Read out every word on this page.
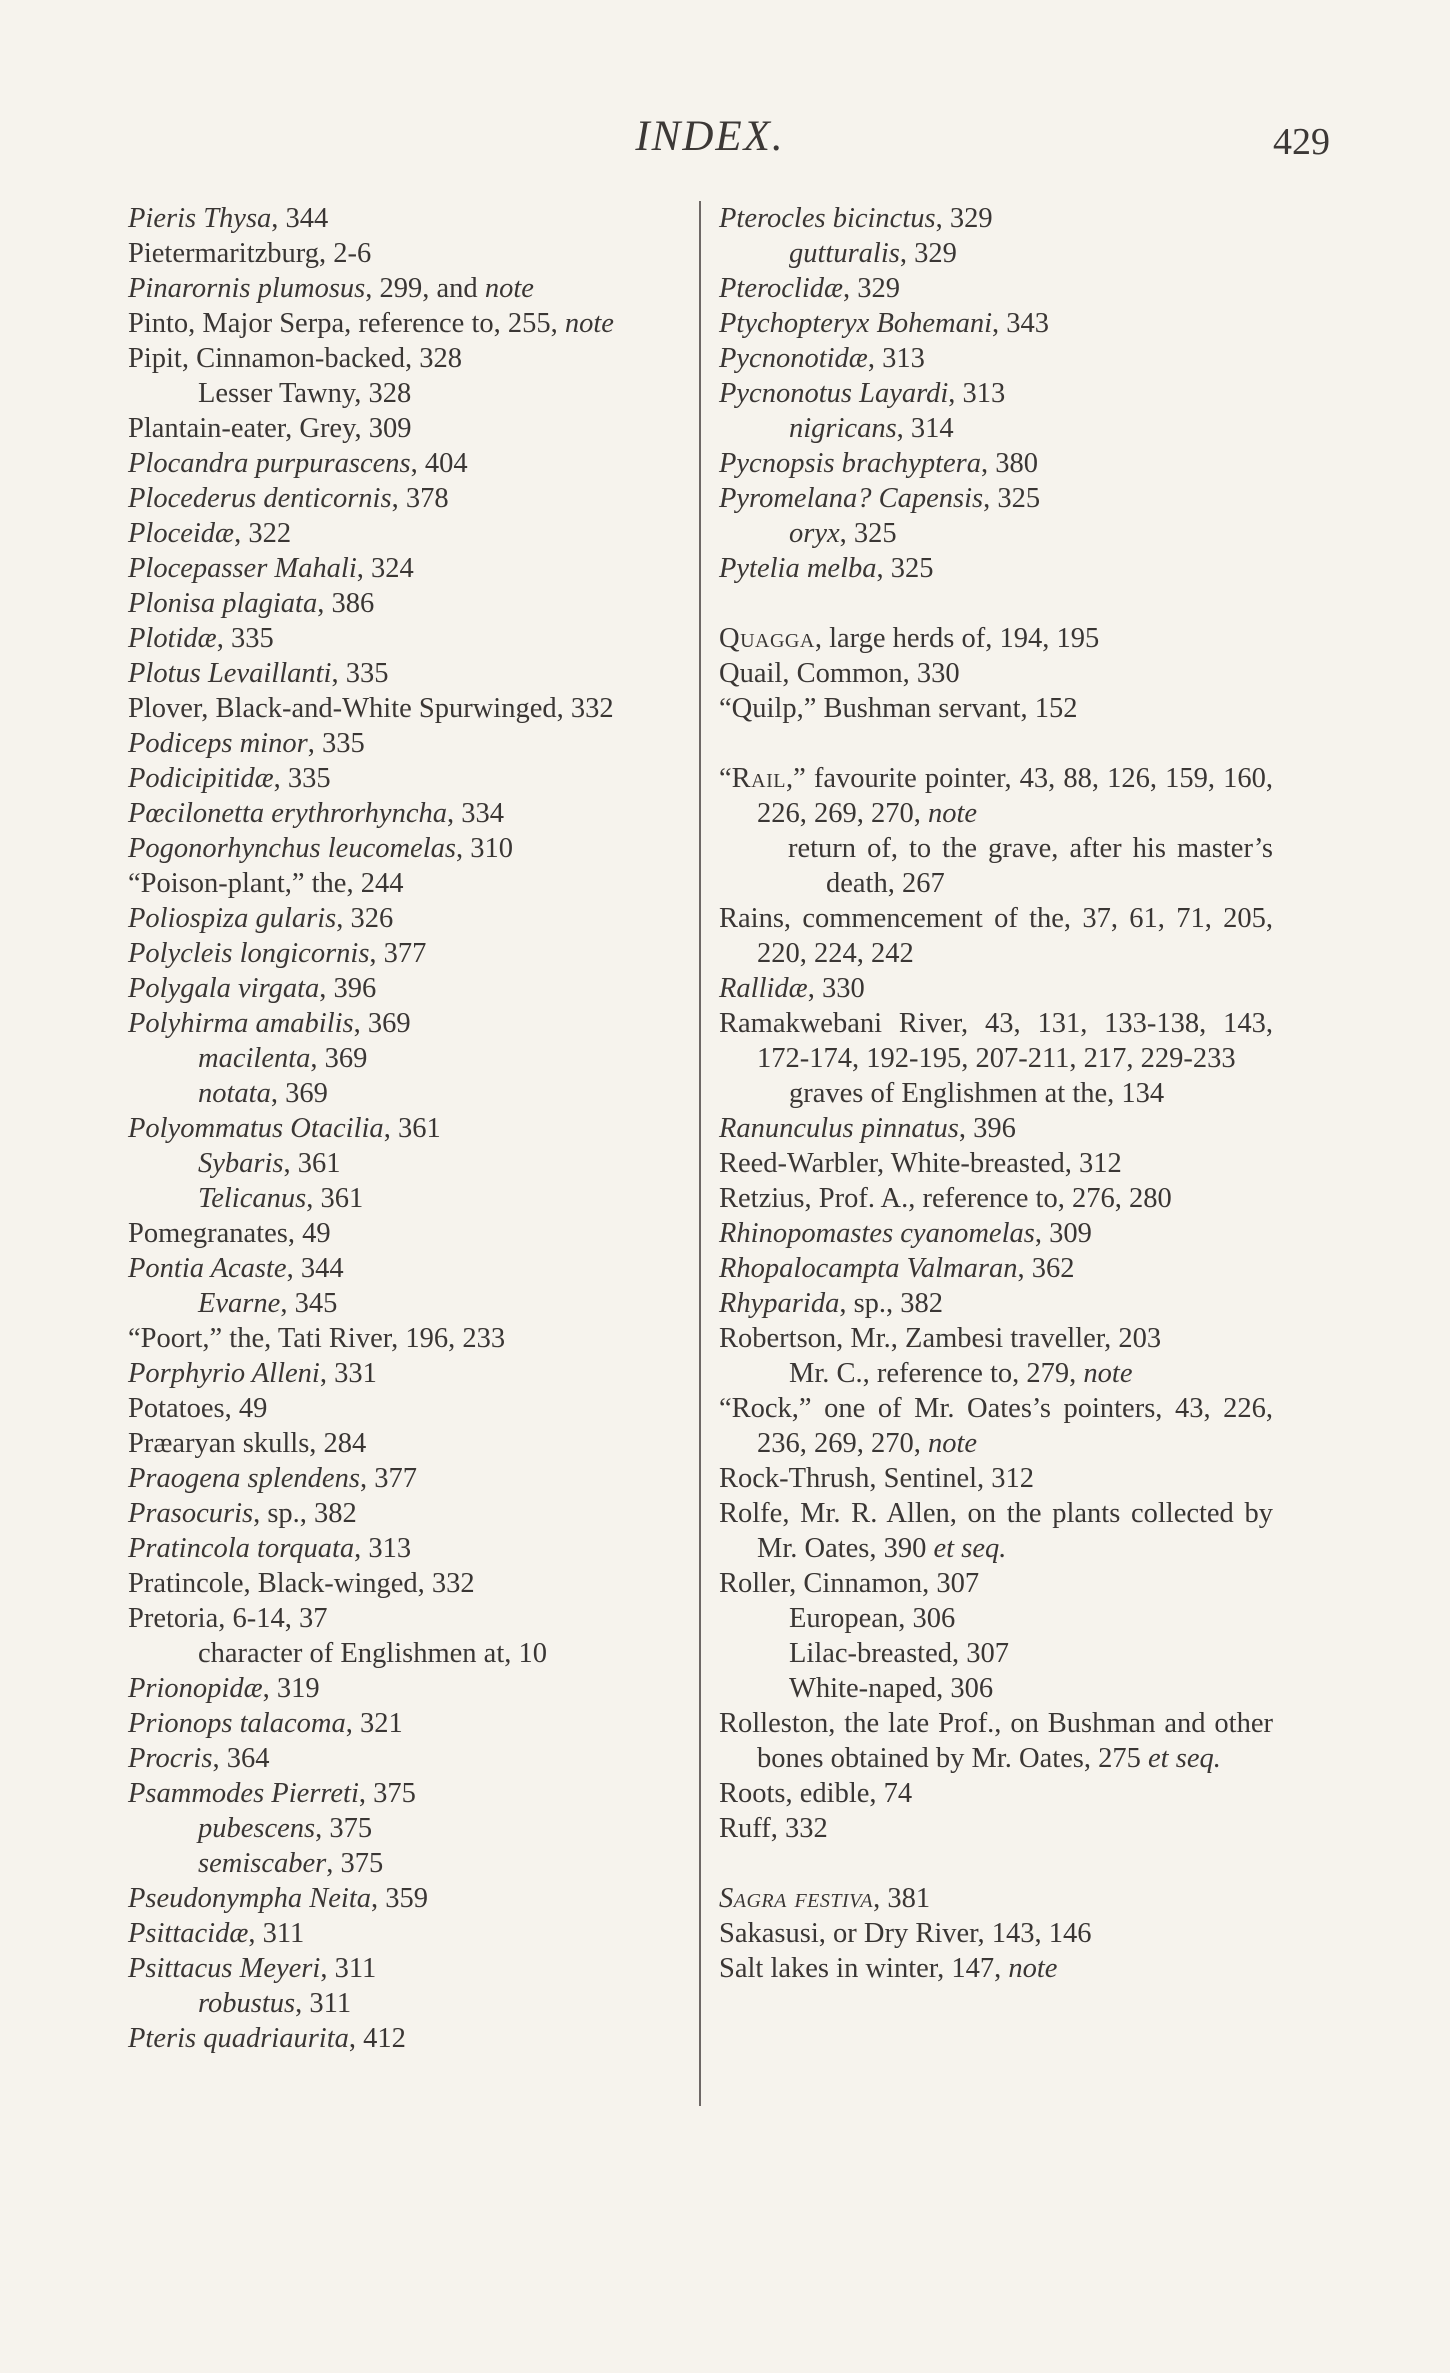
INDEX.	429

Pieris Thysa, 344

Pietermaritzburg, 2-6

Pinarornis plumosus, 299, and note

Pinto, Major Serpa, reference to, 255, note

Pipit, Cinnamon-backed, 328

Lesser Tawny, 328

Plantain-eater, Grey, 309

Plocandra purpurascens, 404

Plocederus denticornis, 378

Ploceidæ, 322

Plocepasser Mahali, 324

Plonisa plagiata, 386

Plotidæ, 335

Plotus Levaillanti, 335

Plover, Black-and-White Spurwinged, 332

Podiceps minor, 335

Podicipitidæ, 335

Pœcilonetta erythrorhyncha, 334

Pogonorhynchus leucomelas, 310

“Poison-plant,” the, 244

Poliospiza gularis, 326

Polycleis longicornis, 377

Polygala virgata, 396

Polyhirma amabilis, 369

macilenta, 369

notata, 369

Polyommatus Otacilia, 361

Sybaris, 361

Telicanus, 361

Pomegranates, 49

Pontia Acaste, 344

Evarne, 345

“Poort,” the, Tati River, 196, 233

Porphyrio Alleni, 331

Potatoes, 49

Præaryan skulls, 284

Praogena splendens, 377

Prasocuris, sp., 382

Pratincola torquata, 313

Pratincole, Black-winged, 332

Pretoria, 6-14, 37

character of Englishmen at, 10

Prionopidæ, 319

Prionops talacoma, 321

Procris, 364

Psammodes Pierreti, 375

pubescens, 375

semiscaber, 375

Pseudonympha Neita, 359

Psittacidæ, 311

Psittacus Meyeri, 311

robustus, 311

Pteris quadriaurita, 412

Pterocles bicinctus, 329

gutturalis, 329

Pteroclidæ, 329

Ptychopteryx Bohemani, 343

Pycnonotidæ, 313

Pycnonotus Layardi, 313

nigricans, 314

Pycnopsis brachyptera, 380

Pyromelana? Capensis, 325

oryx, 325

Pytelia melba, 325

Quagga, large herds of, 194, 195

Quail, Common, 330

“Quilp,” Bushman servant, 152

“Rail,” favourite pointer, 43, 88, 126, 159, 160, 226, 269, 270, note

return of, to the grave, after his master’s death, 267

Rains, commencement of the, 37, 61, 71, 205, 220, 224, 242

Rallidæ, 330

Ramakwebani River, 43, 131, 133-138, 143, 172-174, 192-195, 207-211, 217, 229-233

graves of Englishmen at the, 134

Ranunculus pinnatus, 396

Reed-Warbler, White-breasted, 312

Retzius, Prof. A., reference to, 276, 280

Rhinopomastes cyanomelas, 309

Rhopalocampta Valmaran, 362

Rhyparida, sp., 382

Robertson, Mr., Zambesi traveller, 203

Mr. C., reference to, 279, note

“Rock,” one of Mr. Oates’s pointers, 43, 226, 236, 269, 270, note

Rock-Thrush, Sentinel, 312

Rolfe, Mr. R. Allen, on the plants collected by Mr. Oates, 390 et seq.

Roller, Cinnamon, 307

European, 306

Lilac-breasted, 307

White-naped, 306

Rolleston, the late Prof., on Bushman and other bones obtained by Mr. Oates, 275 et seq.

Roots, edible, 74

Ruff, 332

Sagra festiva, 381

Sakasusi, or Dry River, 143, 146

Salt lakes in winter, 147, note
